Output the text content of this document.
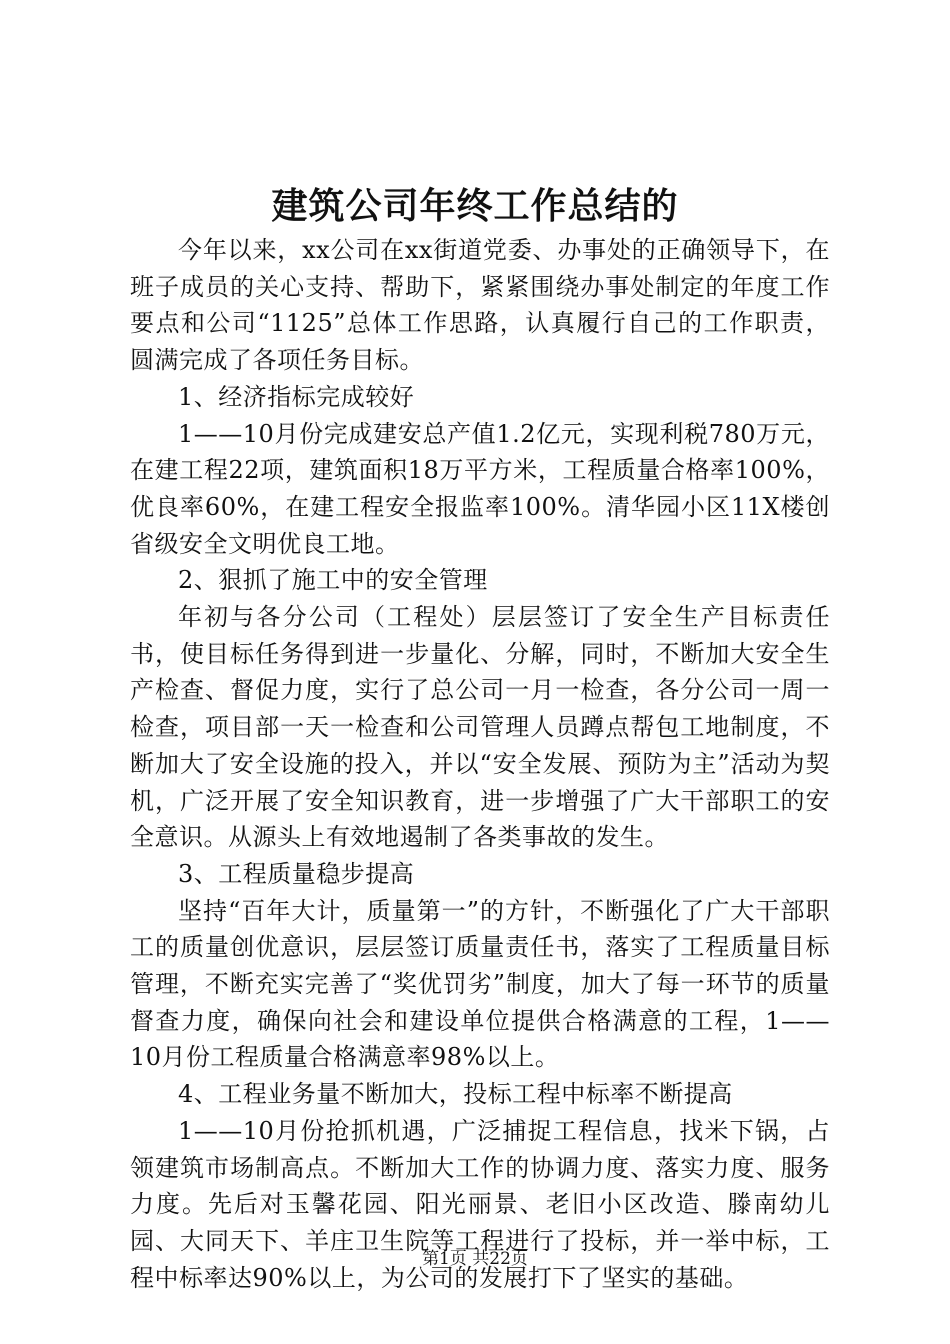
建筑公司年终工作总结的

今年以来，xx公司在xx街道党委、办事处的正确领导下，在班子成员的关心支持、帮助下，紧紧围绕办事处制定的年度工作要点和公司“1125”总体工作思路，认真履行自己的工作职责，圆满完成了各项任务目标。

1、经济指标完成较好

1——10月份完成建安总产值1.2亿元，实现利税780万元，在建工程22项，建筑面积18万平方米，工程质量合格率100%，优良率60%，在建工程安全报监率100%。清华园小区11X楼创省级安全文明优良工地。

2、狠抓了施工中的安全管理

年初与各分公司（工程处）层层签订了安全生产目标责任书，使目标任务得到进一步量化、分解，同时，不断加大安全生产检查、督促力度，实行了总公司一月一检查，各分公司一周一检查，项目部一天一检查和公司管理人员蹲点帮包工地制度，不断加大了安全设施的投入，并以“安全发展、预防为主”活动为契机，广泛开展了安全知识教育，进一步增强了广大干部职工的安全意识。从源头上有效地遏制了各类事故的发生。

3、工程质量稳步提高

坚持“百年大计，质量第一”的方针，不断强化了广大干部职工的质量创优意识，层层签订质量责任书，落实了工程质量目标管理，不断充实完善了“奖优罚劣”制度，加大了每一环节的质量督查力度，确保向社会和建设单位提供合格满意的工程，1——10月份工程质量合格满意率98%以上。

4、工程业务量不断加大，投标工程中标率不断提高

1——10月份抢抓机遇，广泛捕捉工程信息，找米下锅，占领建筑市场制高点。不断加大工作的协调力度、落实力度、服务力度。先后对玉馨花园、阳光丽景、老旧小区改造、滕南幼儿园、大同天下、羊庄卫生院等工程进行了投标，并一举中标，工程中标率达90%以上，为公司的发展打下了坚实的基础。

第1页 共22页
